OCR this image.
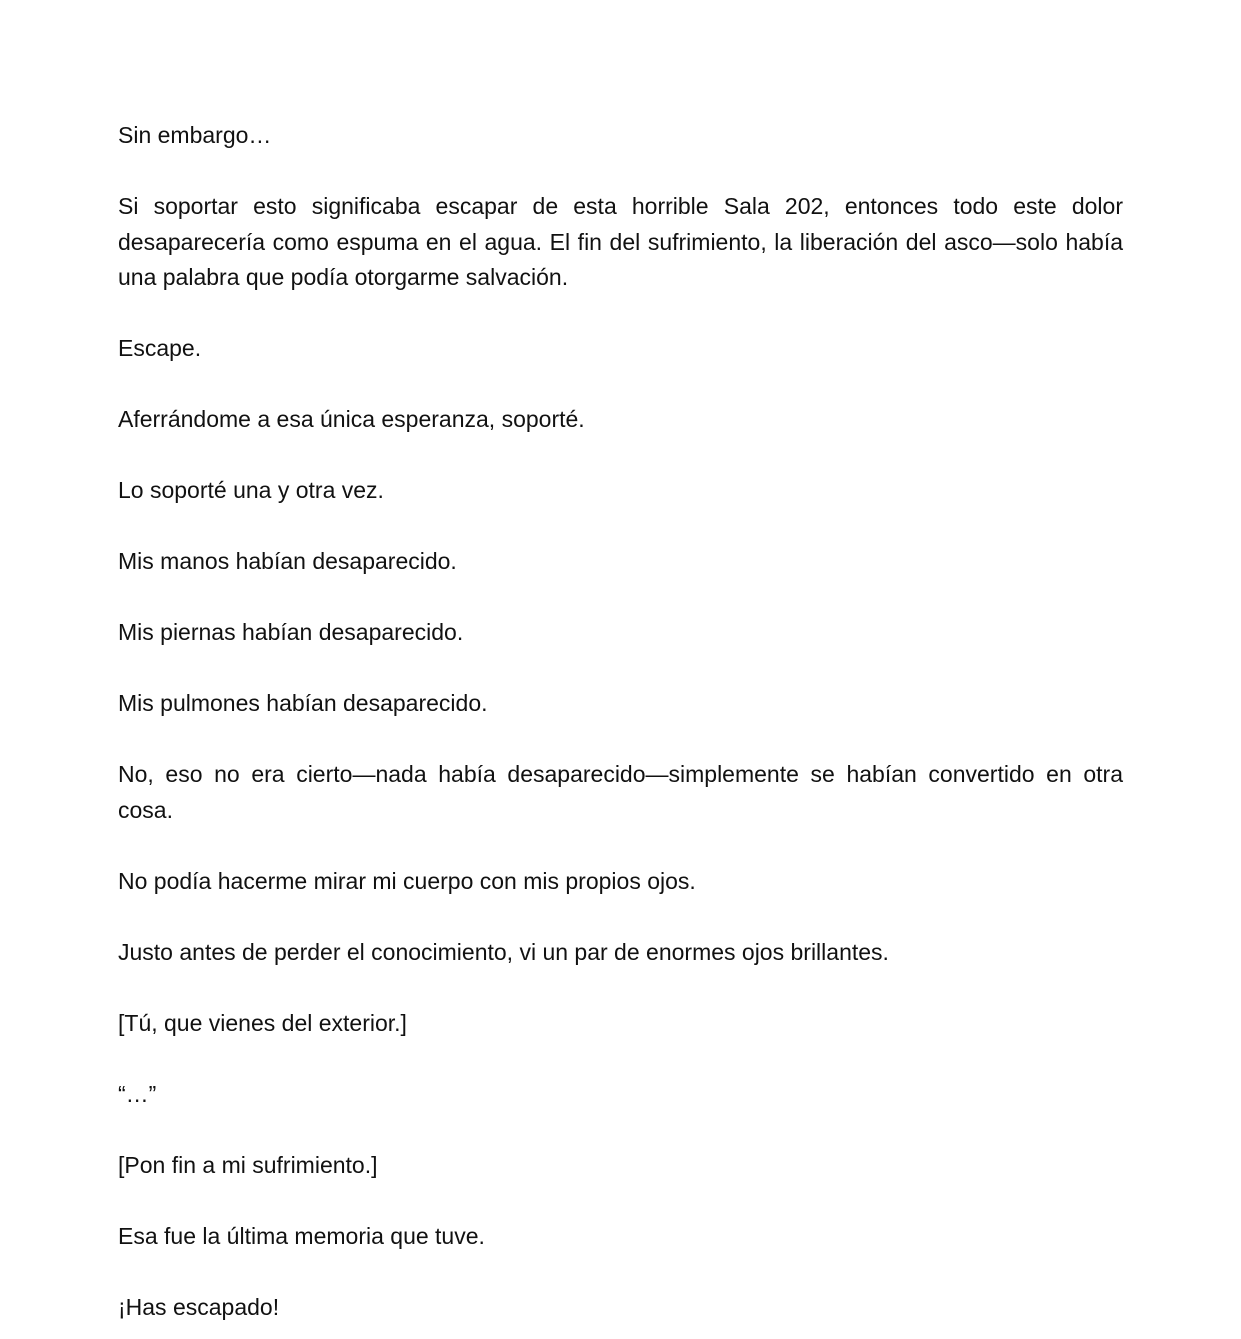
Sin embargo…

Si soportar esto significaba escapar de esta horrible Sala 202, entonces todo este dolor desaparecería como espuma en el agua. El fin del sufrimiento, la liberación del asco—solo había una palabra que podía otorgarme salvación.

Escape.

Aferrándome a esa única esperanza, soporté.

Lo soporté una y otra vez.

Mis manos habían desaparecido.

Mis piernas habían desaparecido.

Mis pulmones habían desaparecido.

No, eso no era cierto—nada había desaparecido—simplemente se habían convertido en otra cosa.

No podía hacerme mirar mi cuerpo con mis propios ojos.

Justo antes de perder el conocimiento, vi un par de enormes ojos brillantes.

[Tú, que vienes del exterior.]

“…”

[Pon fin a mi sufrimiento.]

Esa fue la última memoria que tuve.

¡Has escapado!
